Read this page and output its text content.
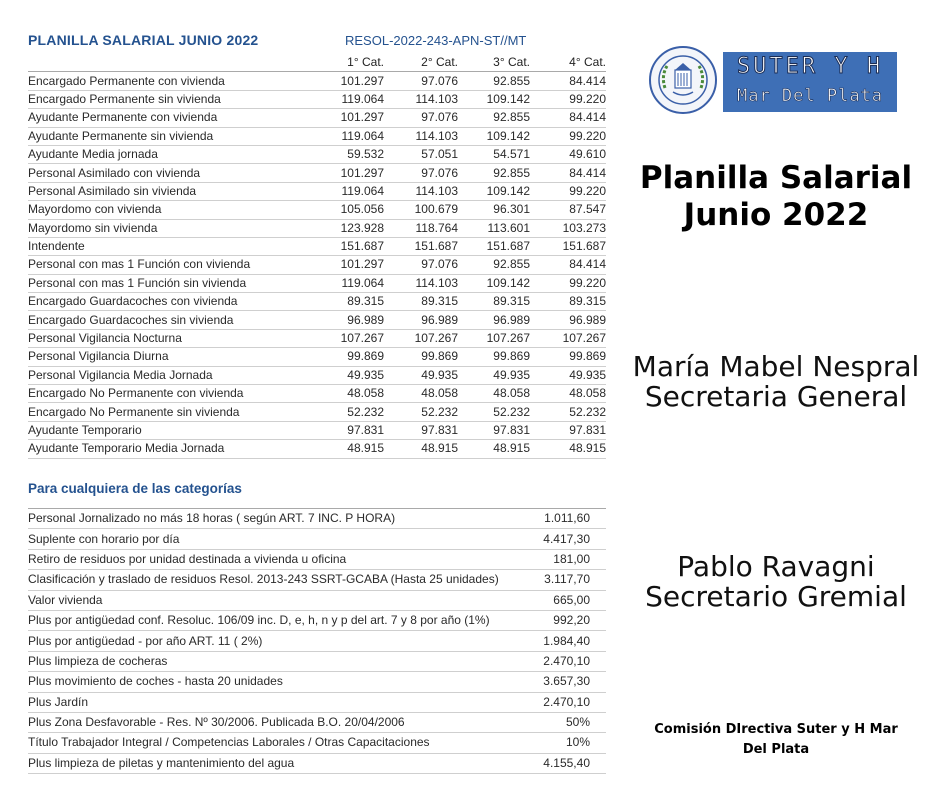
PLANILLA SALARIAL JUNIO 2022	RESOL-2022-243-APN-ST//MT
	1° Cat.	2° Cat.	3° Cat.	4° Cat.
Encargado Permanente con vivienda	101.297	97.076	92.855	84.414
Encargado Permanente sin vivienda	119.064	114.103	109.142	99.220
Ayudante Permanente con vivienda	101.297	97.076	92.855	84.414
Ayudante Permanente sin vivienda	119.064	114.103	109.142	99.220
Ayudante Media jornada	59.532	57.051	54.571	49.610
Personal Asimilado con vivienda	101.297	97.076	92.855	84.414
Personal Asimilado sin vivienda	119.064	114.103	109.142	99.220
Mayordomo con vivienda	105.056	100.679	96.301	87.547
Mayordomo sin vivienda	123.928	118.764	113.601	103.273
Intendente	151.687	151.687	151.687	151.687
Personal con mas 1 Función con vivienda	101.297	97.076	92.855	84.414
Personal con mas 1 Función sin vivienda	119.064	114.103	109.142	99.220
Encargado Guardacoches con vivienda	89.315	89.315	89.315	89.315
Encargado Guardacoches sin vivienda	96.989	96.989	96.989	96.989
Personal Vigilancia Nocturna	107.267	107.267	107.267	107.267
Personal Vigilancia Diurna	99.869	99.869	99.869	99.869
Personal Vigilancia Media Jornada	49.935	49.935	49.935	49.935
Encargado No Permanente con vivienda	48.058	48.058	48.058	48.058
Encargado No Permanente sin vivienda	52.232	52.232	52.232	52.232
Ayudante Temporario	97.831	97.831	97.831	97.831
Ayudante Temporario Media Jornada	48.915	48.915	48.915	48.915
Para cualquiera de las categorías
Personal Jornalizado no más 18 horas ( según ART. 7 INC. P HORA)	1.011,60
Suplente con horario por día	4.417,30
Retiro de residuos por unidad destinada a vivienda u oficina	181,00
Clasificación y traslado de residuos Resol. 2013-243 SSRT-GCABA (Hasta 25 unidades)	3.117,70
Valor vivienda	665,00
Plus por antigüedad conf. Resoluc. 106/09 inc. D, e, h, n y p del art. 7 y 8 por año (1%)	992,20
Plus por antigüedad - por año ART. 11 ( 2%)	1.984,40
Plus limpieza de cocheras	2.470,10
Plus movimiento de coches - hasta 20 unidades	3.657,30
Plus Jardín	2.470,10
Plus Zona Desfavorable - Res. Nº 30/2006. Publicada B.O. 20/04/2006	50%
Título Trabajador Integral / Competencias Laborales / Otras Capacitaciones	10%
Plus limpieza de piletas y mantenimiento del agua	4.155,40
SUTER Y H
Mar Del Plata
Planilla Salarial
Junio 2022
María Mabel Nespral
Secretaria General
Pablo Ravagni
Secretario Gremial
Comisión DIrectiva Suter y H Mar Del Plata
